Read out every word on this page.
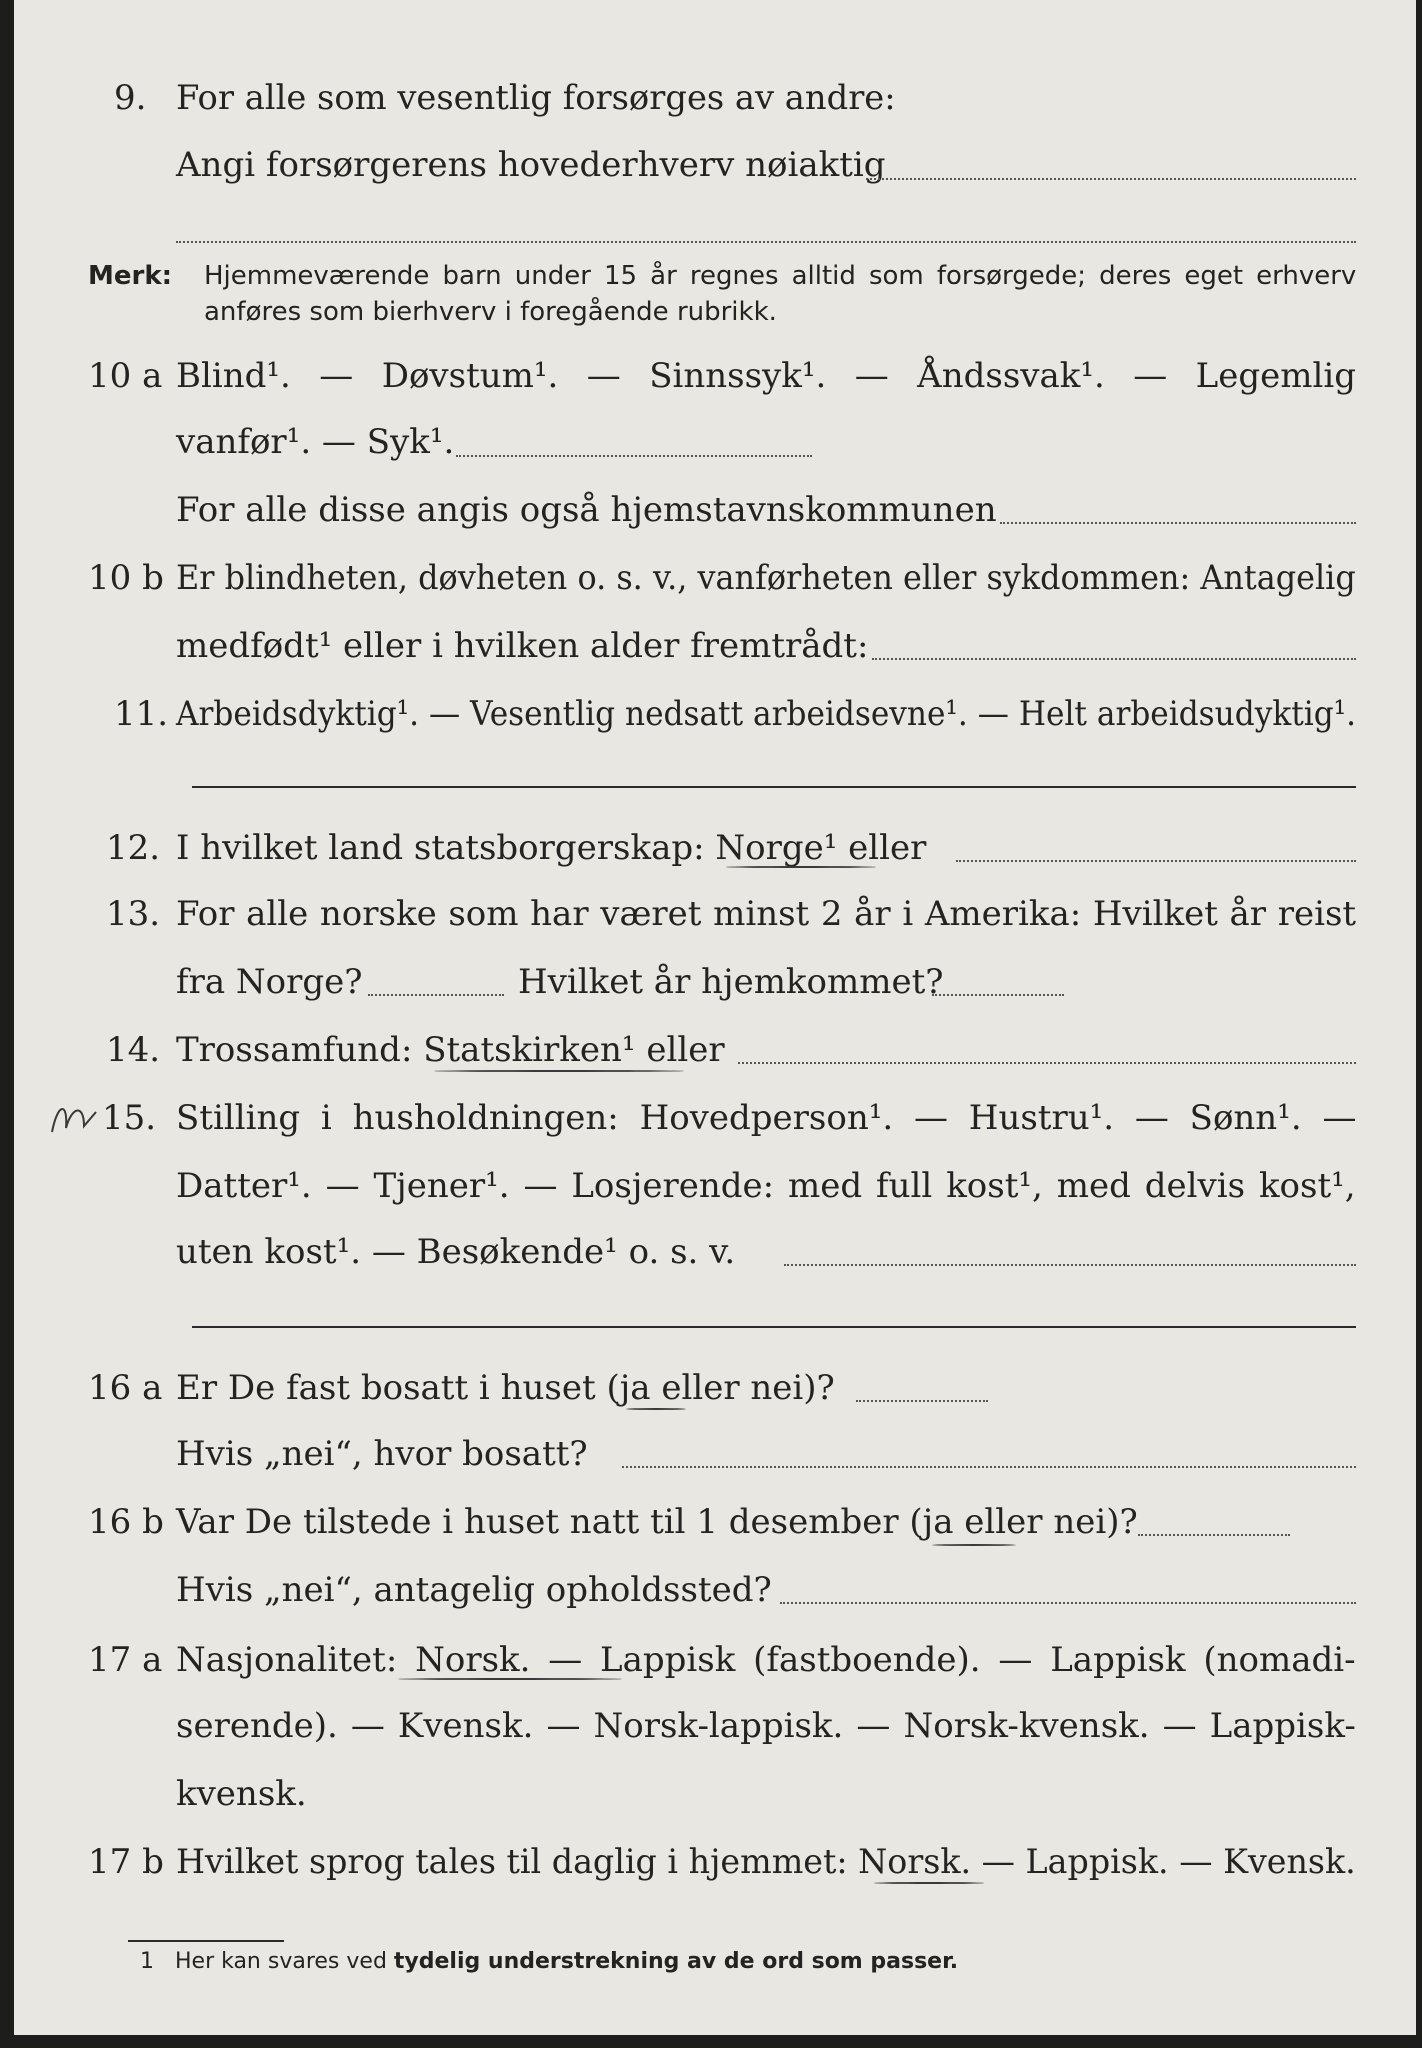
9. For alle som vesentlig forsørges av andre:
Angi forsørgerens hovederhverv nøiaktig
Merk: Hjemmeværende barn under 15 år regnes alltid som forsørgede; deres eget erhverv
anføres som bierhverv i foregående rubrikk.
10 a Blind¹. — Døvstum¹. — Sinnssyk¹. — Åndssvak¹. — Legemlig
vanfør¹. — Syk¹.
For alle disse angis også hjemstavnskommunen
10 b Er blindheten, døvheten o. s. v., vanførheten eller sykdommen: Antagelig
medfødt¹ eller i hvilken alder fremtrådt:
11. Arbeidsdyktig¹. — Vesentlig nedsatt arbeidsevne¹. — Helt arbeidsudyktig¹.
12. I hvilket land statsborgerskap: Norge¹ eller
13. For alle norske som har været minst 2 år i Amerika: Hvilket år reist
fra Norge?	Hvilket år hjemkommet?
14. Trossamfund: Statskirken¹ eller
15. Stilling i husholdningen: Hovedperson¹. — Hustru¹. — Sønn¹. —
Datter¹. — Tjener¹. — Losjerende: med full kost¹, med delvis kost¹,
uten kost¹. — Besøkende¹ o. s. v.
16 a Er De fast bosatt i huset (ja eller nei)?
Hvis „nei“, hvor bosatt?
16 b Var De tilstede i huset natt til 1 desember (ja eller nei)?
Hvis „nei“, antagelig opholdssted?
17 a Nasjonalitet: Norsk. — Lappisk (fastboende). — Lappisk (nomadi-
serende). — Kvensk. — Norsk-lappisk. — Norsk-kvensk. — Lappisk-
kvensk.
17 b Hvilket sprog tales til daglig i hjemmet: Norsk. — Lappisk. — Kvensk.
1 Her kan svares ved tydelig understrekning av de ord som passer.
